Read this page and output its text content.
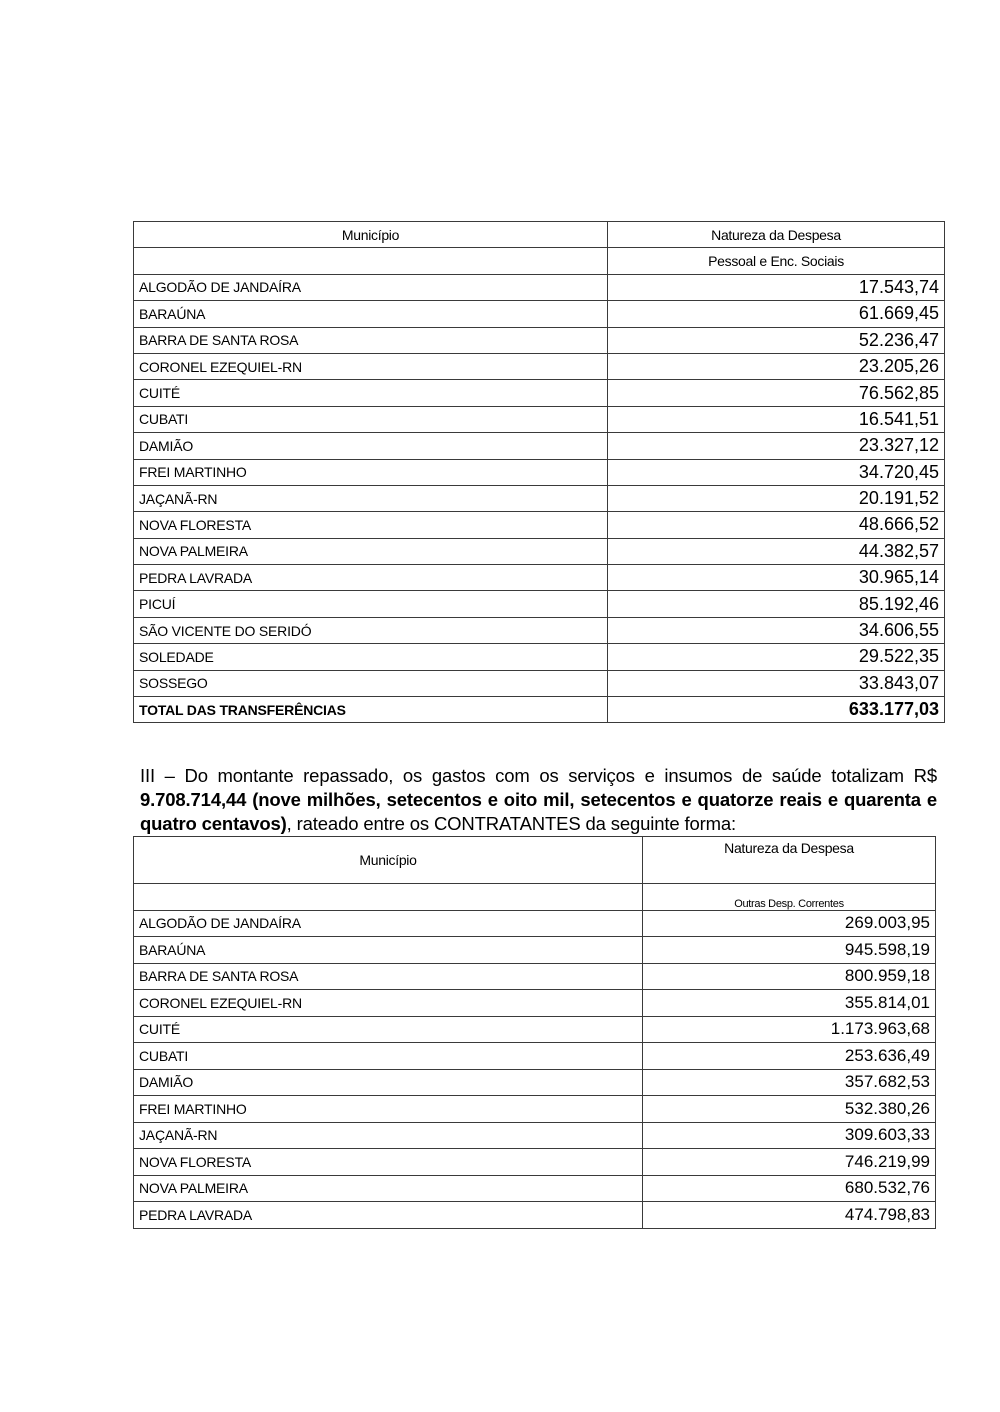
Município	Natureza da Despesa
	Pessoal e Enc. Sociais
ALGODÃO DE JANDAÍRA	17.543,74
BARAÚNA	61.669,45
BARRA DE SANTA ROSA	52.236,47
CORONEL EZEQUIEL-RN	23.205,26
CUITÉ	76.562,85
CUBATI	16.541,51
DAMIÃO	23.327,12
FREI MARTINHO	34.720,45
JAÇANÃ-RN	20.191,52
NOVA FLORESTA	48.666,52
NOVA PALMEIRA	44.382,57
PEDRA LAVRADA	30.965,14
PICUÍ	85.192,46
SÃO VICENTE DO SERIDÓ	34.606,55
SOLEDADE	29.522,35
SOSSEGO	33.843,07
TOTAL DAS TRANSFERÊNCIAS	633.177,03

III – Do montante repassado, os gastos com os serviços e insumos de saúde totalizam R$ 9.708.714,44 (nove milhões, setecentos e oito mil, setecentos e quatorze reais e quarenta e quatro centavos), rateado entre os CONTRATANTES da seguinte forma:

Município	Natureza da Despesa
	Outras Desp. Correntes
ALGODÃO DE JANDAÍRA	269.003,95
BARAÚNA	945.598,19
BARRA DE SANTA ROSA	800.959,18
CORONEL EZEQUIEL-RN	355.814,01
CUITÉ	1.173.963,68
CUBATI	253.636,49
DAMIÃO	357.682,53
FREI MARTINHO	532.380,26
JAÇANÃ-RN	309.603,33
NOVA FLORESTA	746.219,99
NOVA PALMEIRA	680.532,76
PEDRA LAVRADA	474.798,83
